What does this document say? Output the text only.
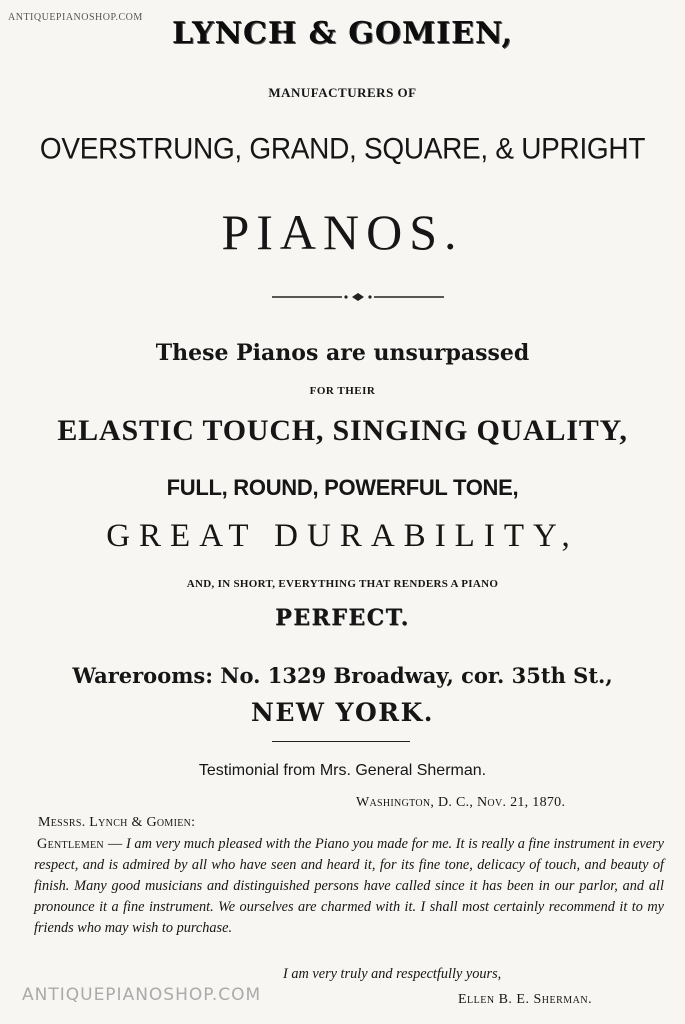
ANTIQUEPIANOSHOP.COM LYNCH & GOMIEN,
MANUFACTURERS OF
OVERSTRUNG, GRAND, SQUARE, & UPRIGHT
PIANOS.
These Pianos are unsurpassed
FOR THEIR
ELASTIC TOUCH, SINGING QUALITY,
FULL, ROUND, POWERFUL TONE,
GREAT DURABILITY,
AND, IN SHORT, EVERYTHING THAT RENDERS A PIANO
PERFECT.
Warerooms: No. 1329 Broadway, cor. 35th St.,
NEW YORK.
Testimonial from Mrs. General Sherman.
Washington, D. C., Nov. 21, 1870.
Messrs. Lynch & Gomien:
Gentlemen — I am very much pleased with the Piano you made for me. It is really a fine instrument in every respect, and is admired by all who have seen and heard it, for its fine tone, delicacy of touch, and beauty of finish. Many good musicians and distinguished persons have called since it has been in our parlor, and all pronounce it a fine instrument. We ourselves are charmed with it. I shall most certainly recommend it to my friends who may wish to purchase.
I am very truly and respectfully yours,
Ellen B. E. Sherman.
ANTIQUEPIANOSHOP.COM
